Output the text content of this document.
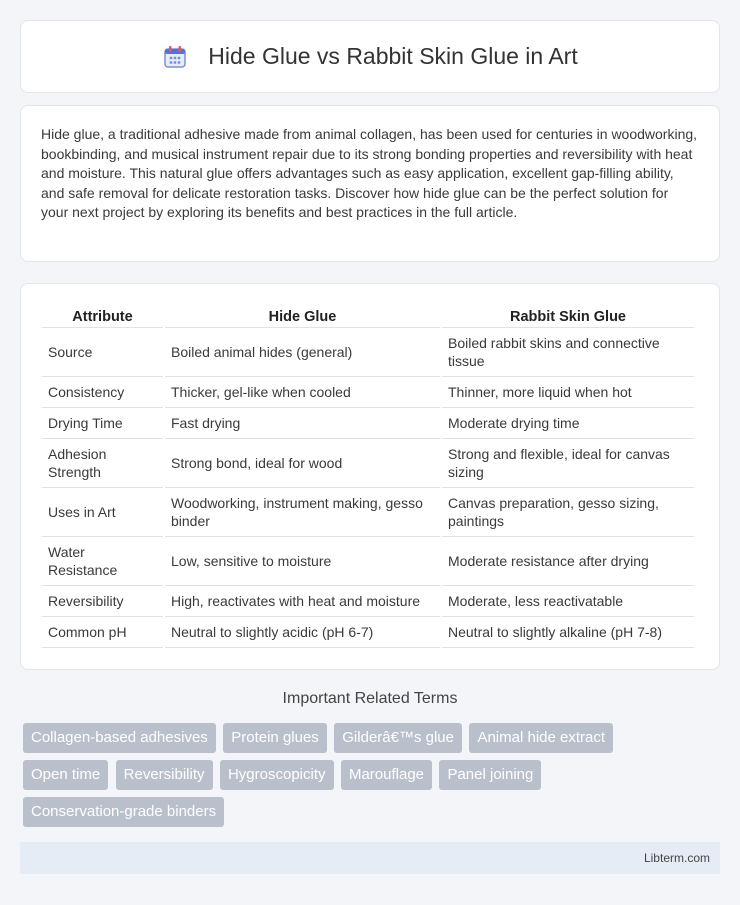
Hide Glue vs Rabbit Skin Glue in Art

Hide glue, a traditional adhesive made from animal collagen, has been used for centuries in woodworking, bookbinding, and musical instrument repair due to its strong bonding properties and reversibility with heat and moisture. This natural glue offers advantages such as easy application, excellent gap-filling ability, and safe removal for delicate restoration tasks. Discover how hide glue can be the perfect solution for your next project by exploring its benefits and best practices in the full article.

Attribute	Hide Glue	Rabbit Skin Glue
Source	Boiled animal hides (general)	Boiled rabbit skins and connective tissue
Consistency	Thicker, gel-like when cooled	Thinner, more liquid when hot
Drying Time	Fast drying	Moderate drying time
Adhesion Strength	Strong bond, ideal for wood	Strong and flexible, ideal for canvas sizing
Uses in Art	Woodworking, instrument making, gesso binder	Canvas preparation, gesso sizing, paintings
Water Resistance	Low, sensitive to moisture	Moderate resistance after drying
Reversibility	High, reactivates with heat and moisture	Moderate, less reactivatable
Common pH	Neutral to slightly acidic (pH 6-7)	Neutral to slightly alkaline (pH 7-8)
Important Related Terms
Collagen-based adhesives Protein glues Gilderâ€™s glue Animal hide extract
Open time Reversibility Hygroscopicity Marouflage Panel joining
Conservation-grade binders
Libterm.com
